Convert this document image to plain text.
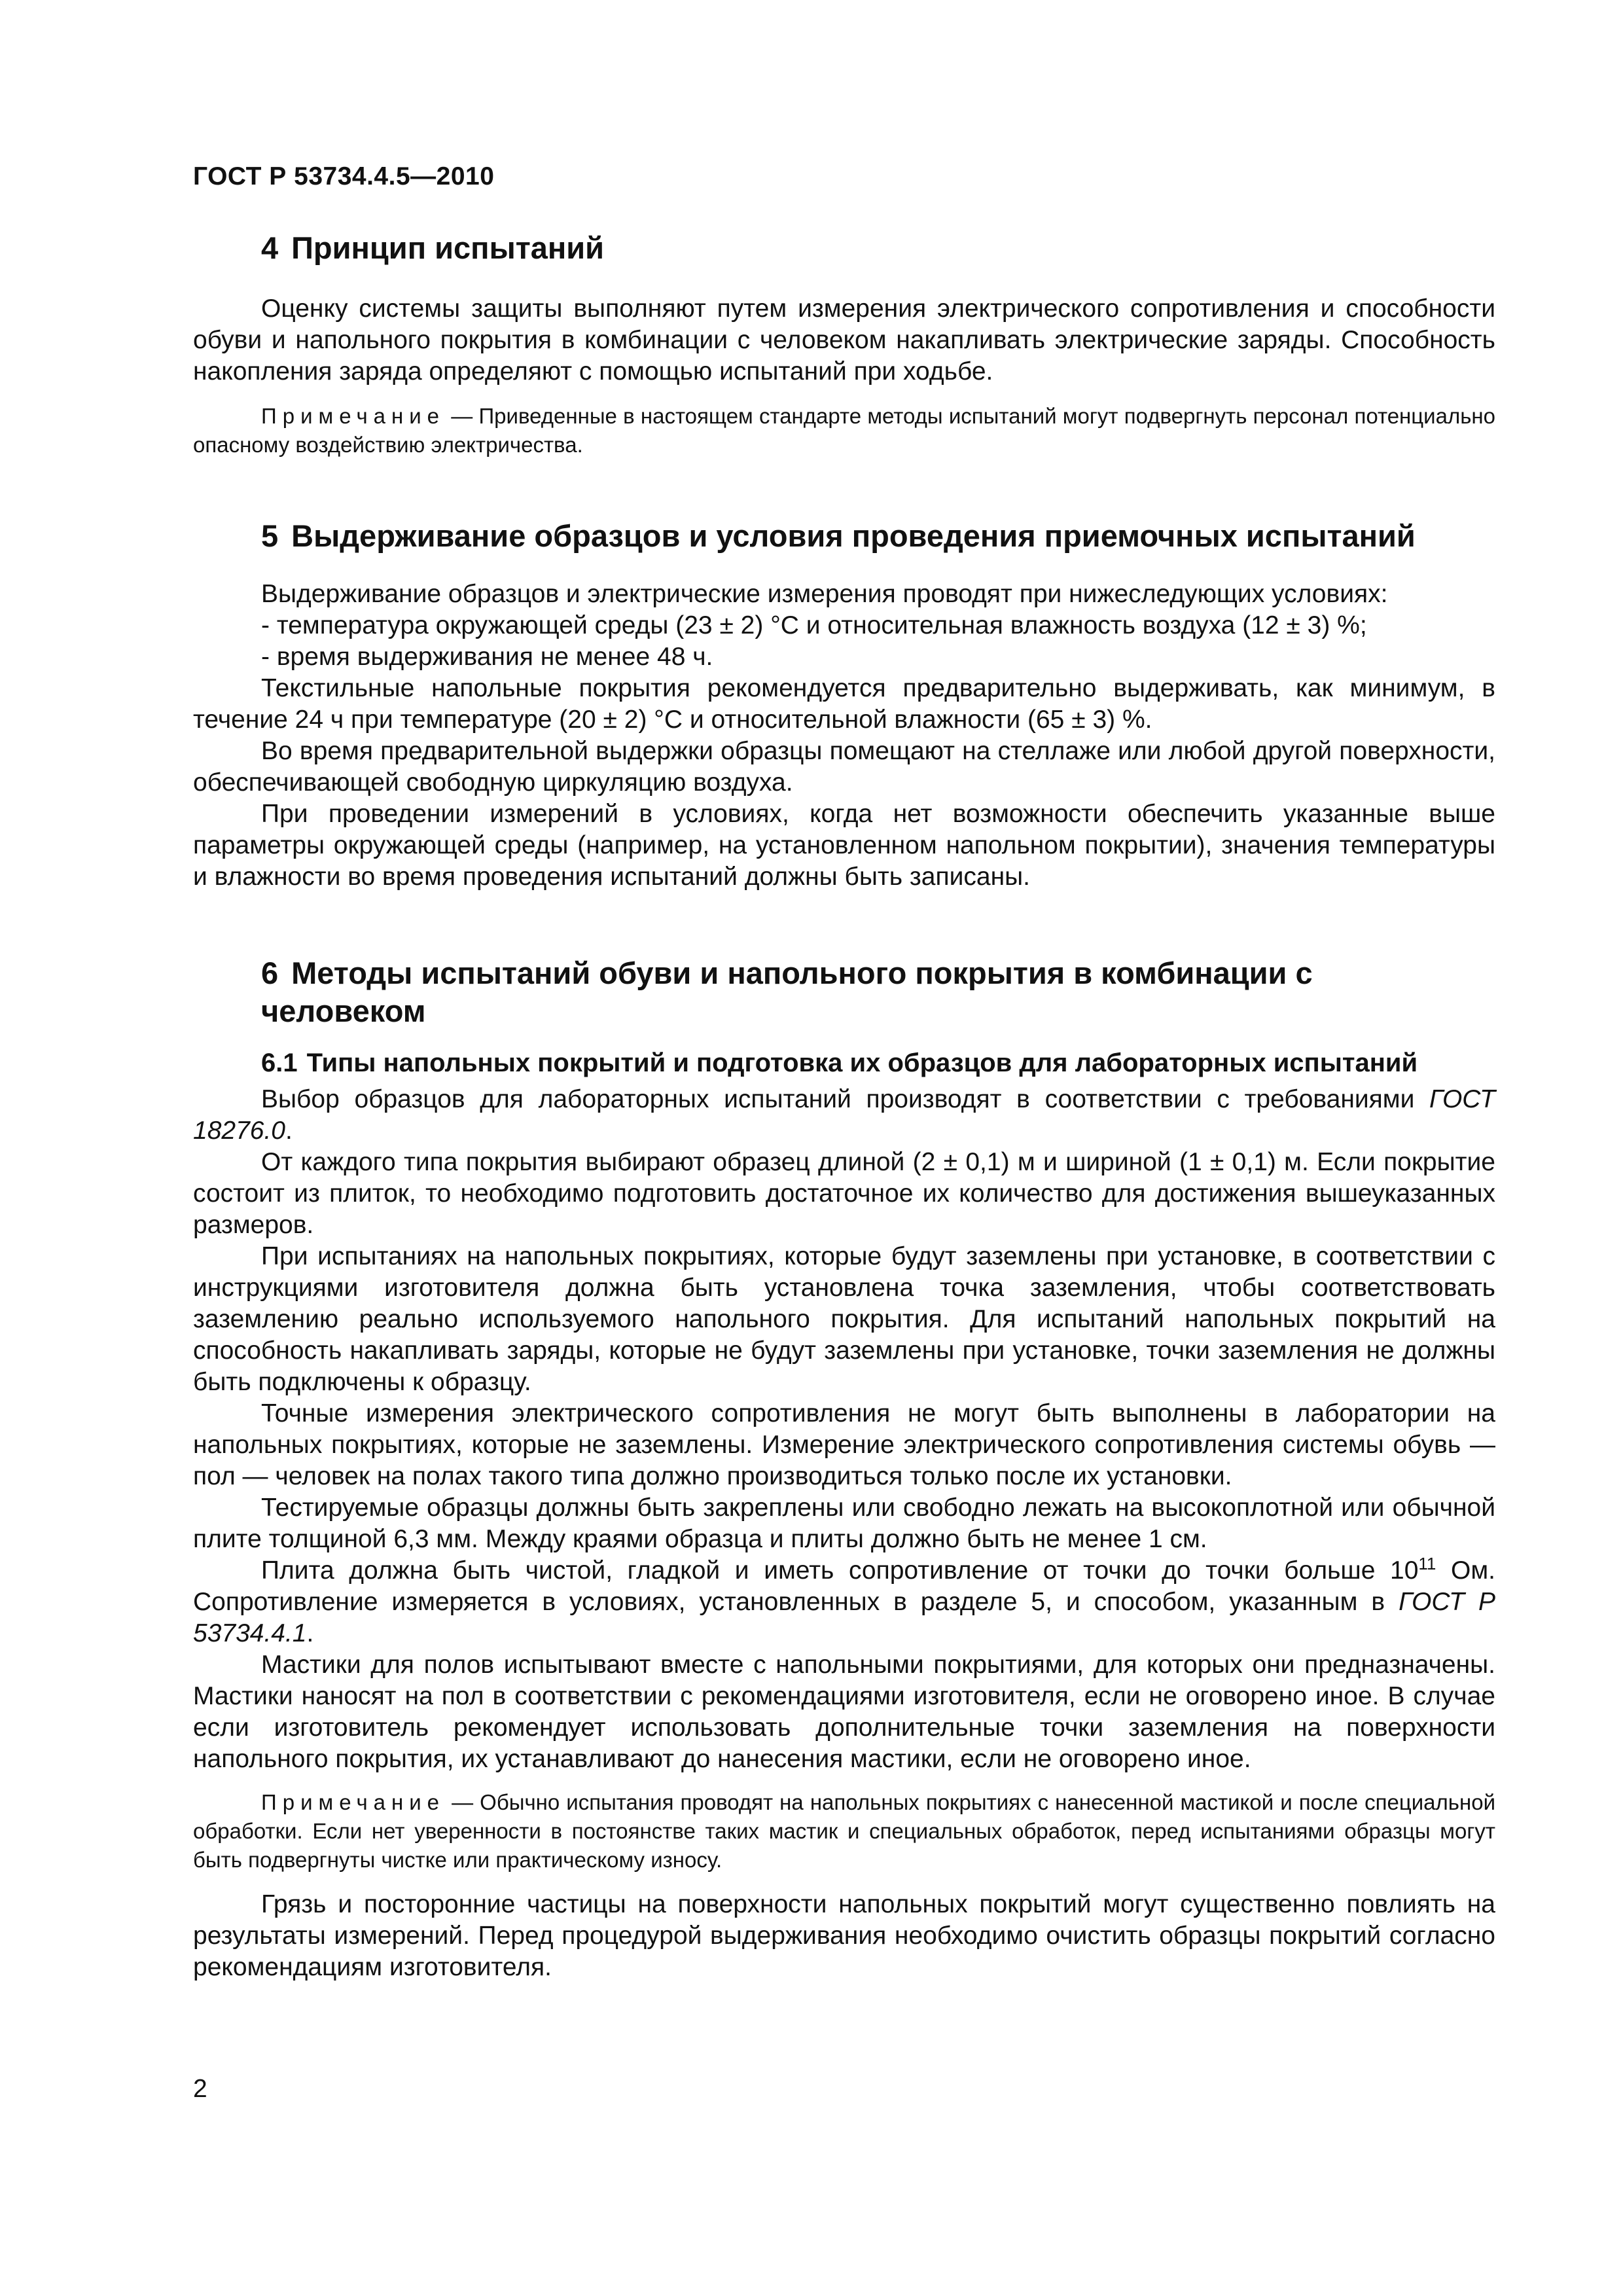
ГОСТ Р 53734.4.5—2010
4 Принцип испытаний

Оценку системы защиты выполняют путем измерения электрического сопротивления и способности обуви и напольного покрытия в комбинации с человеком накапливать электрические заряды. Способность накопления заряда определяют с помощью испытаний при ходьбе.

Примечание — Приведенные в настоящем стандарте методы испытаний могут подвергнуть персонал потенциально опасному воздействию электричества.

5 Выдерживание образцов и условия проведения приемочных испытаний

Выдерживание образцов и электрические измерения проводят при нижеследующих условиях:

- температура окружающей среды (23 ± 2) °С и относительная влажность воздуха (12 ± 3) %;

- время выдерживания не менее 48 ч.

Текстильные напольные покрытия рекомендуется предварительно выдерживать, как минимум, в течение 24 ч при температуре (20 ± 2) °С и относительной влажности (65 ± 3) %.

Во время предварительной выдержки образцы помещают на стеллаже или любой другой поверхности, обеспечивающей свободную циркуляцию воздуха.

При проведении измерений в условиях, когда нет возможности обеспечить указанные выше параметры окружающей среды (например, на установленном напольном покрытии), значения температуры и влажности во время проведения испытаний должны быть записаны.

6 Методы испытаний обуви и напольного покрытия в комбинации с человеком
6.1 Типы напольных покрытий и подготовка их образцов для лабораторных испытаний

Выбор образцов для лабораторных испытаний производят в соответствии с требованиями ГОСТ 18276.0.

От каждого типа покрытия выбирают образец длиной (2 ± 0,1) м и шириной (1 ± 0,1) м. Если покрытие состоит из плиток, то необходимо подготовить достаточное их количество для достижения вышеуказанных размеров.

При испытаниях на напольных покрытиях, которые будут заземлены при установке, в соответствии с инструкциями изготовителя должна быть установлена точка заземления, чтобы соответствовать заземлению реально используемого напольного покрытия. Для испытаний напольных покрытий на способность накапливать заряды, которые не будут заземлены при установке, точки заземления не должны быть подключены к образцу.

Точные измерения электрического сопротивления не могут быть выполнены в лаборатории на напольных покрытиях, которые не заземлены. Измерение электрического сопротивления системы обувь — пол — человек на полах такого типа должно производиться только после их установки.

Тестируемые образцы должны быть закреплены или свободно лежать на высокоплотной или обычной плите толщиной 6,3 мм. Между краями образца и плиты должно быть не менее 1 см.

Плита должна быть чистой, гладкой и иметь сопротивление от точки до точки больше $10^{11}$ Ом. Сопротивление измеряется в условиях, установленных в разделе 5, и способом, указанным в ГОСТ Р 53734.4.1.

Мастики для полов испытывают вместе с напольными покрытиями, для которых они предназначены. Мастики наносят на пол в соответствии с рекомендациями изготовителя, если не оговорено иное. В случае если изготовитель рекомендует использовать дополнительные точки заземления на поверхности напольного покрытия, их устанавливают до нанесения мастики, если не оговорено иное.

Примечание — Обычно испытания проводят на напольных покрытиях с нанесенной мастикой и после специальной обработки. Если нет уверенности в постоянстве таких мастик и специальных обработок, перед испытаниями образцы могут быть подвергнуты чистке или практическому износу.

Грязь и посторонние частицы на поверхности напольных покрытий могут существенно повлиять на результаты измерений. Перед процедурой выдерживания необходимо очистить образцы покрытий согласно рекомендациям изготовителя.

2
